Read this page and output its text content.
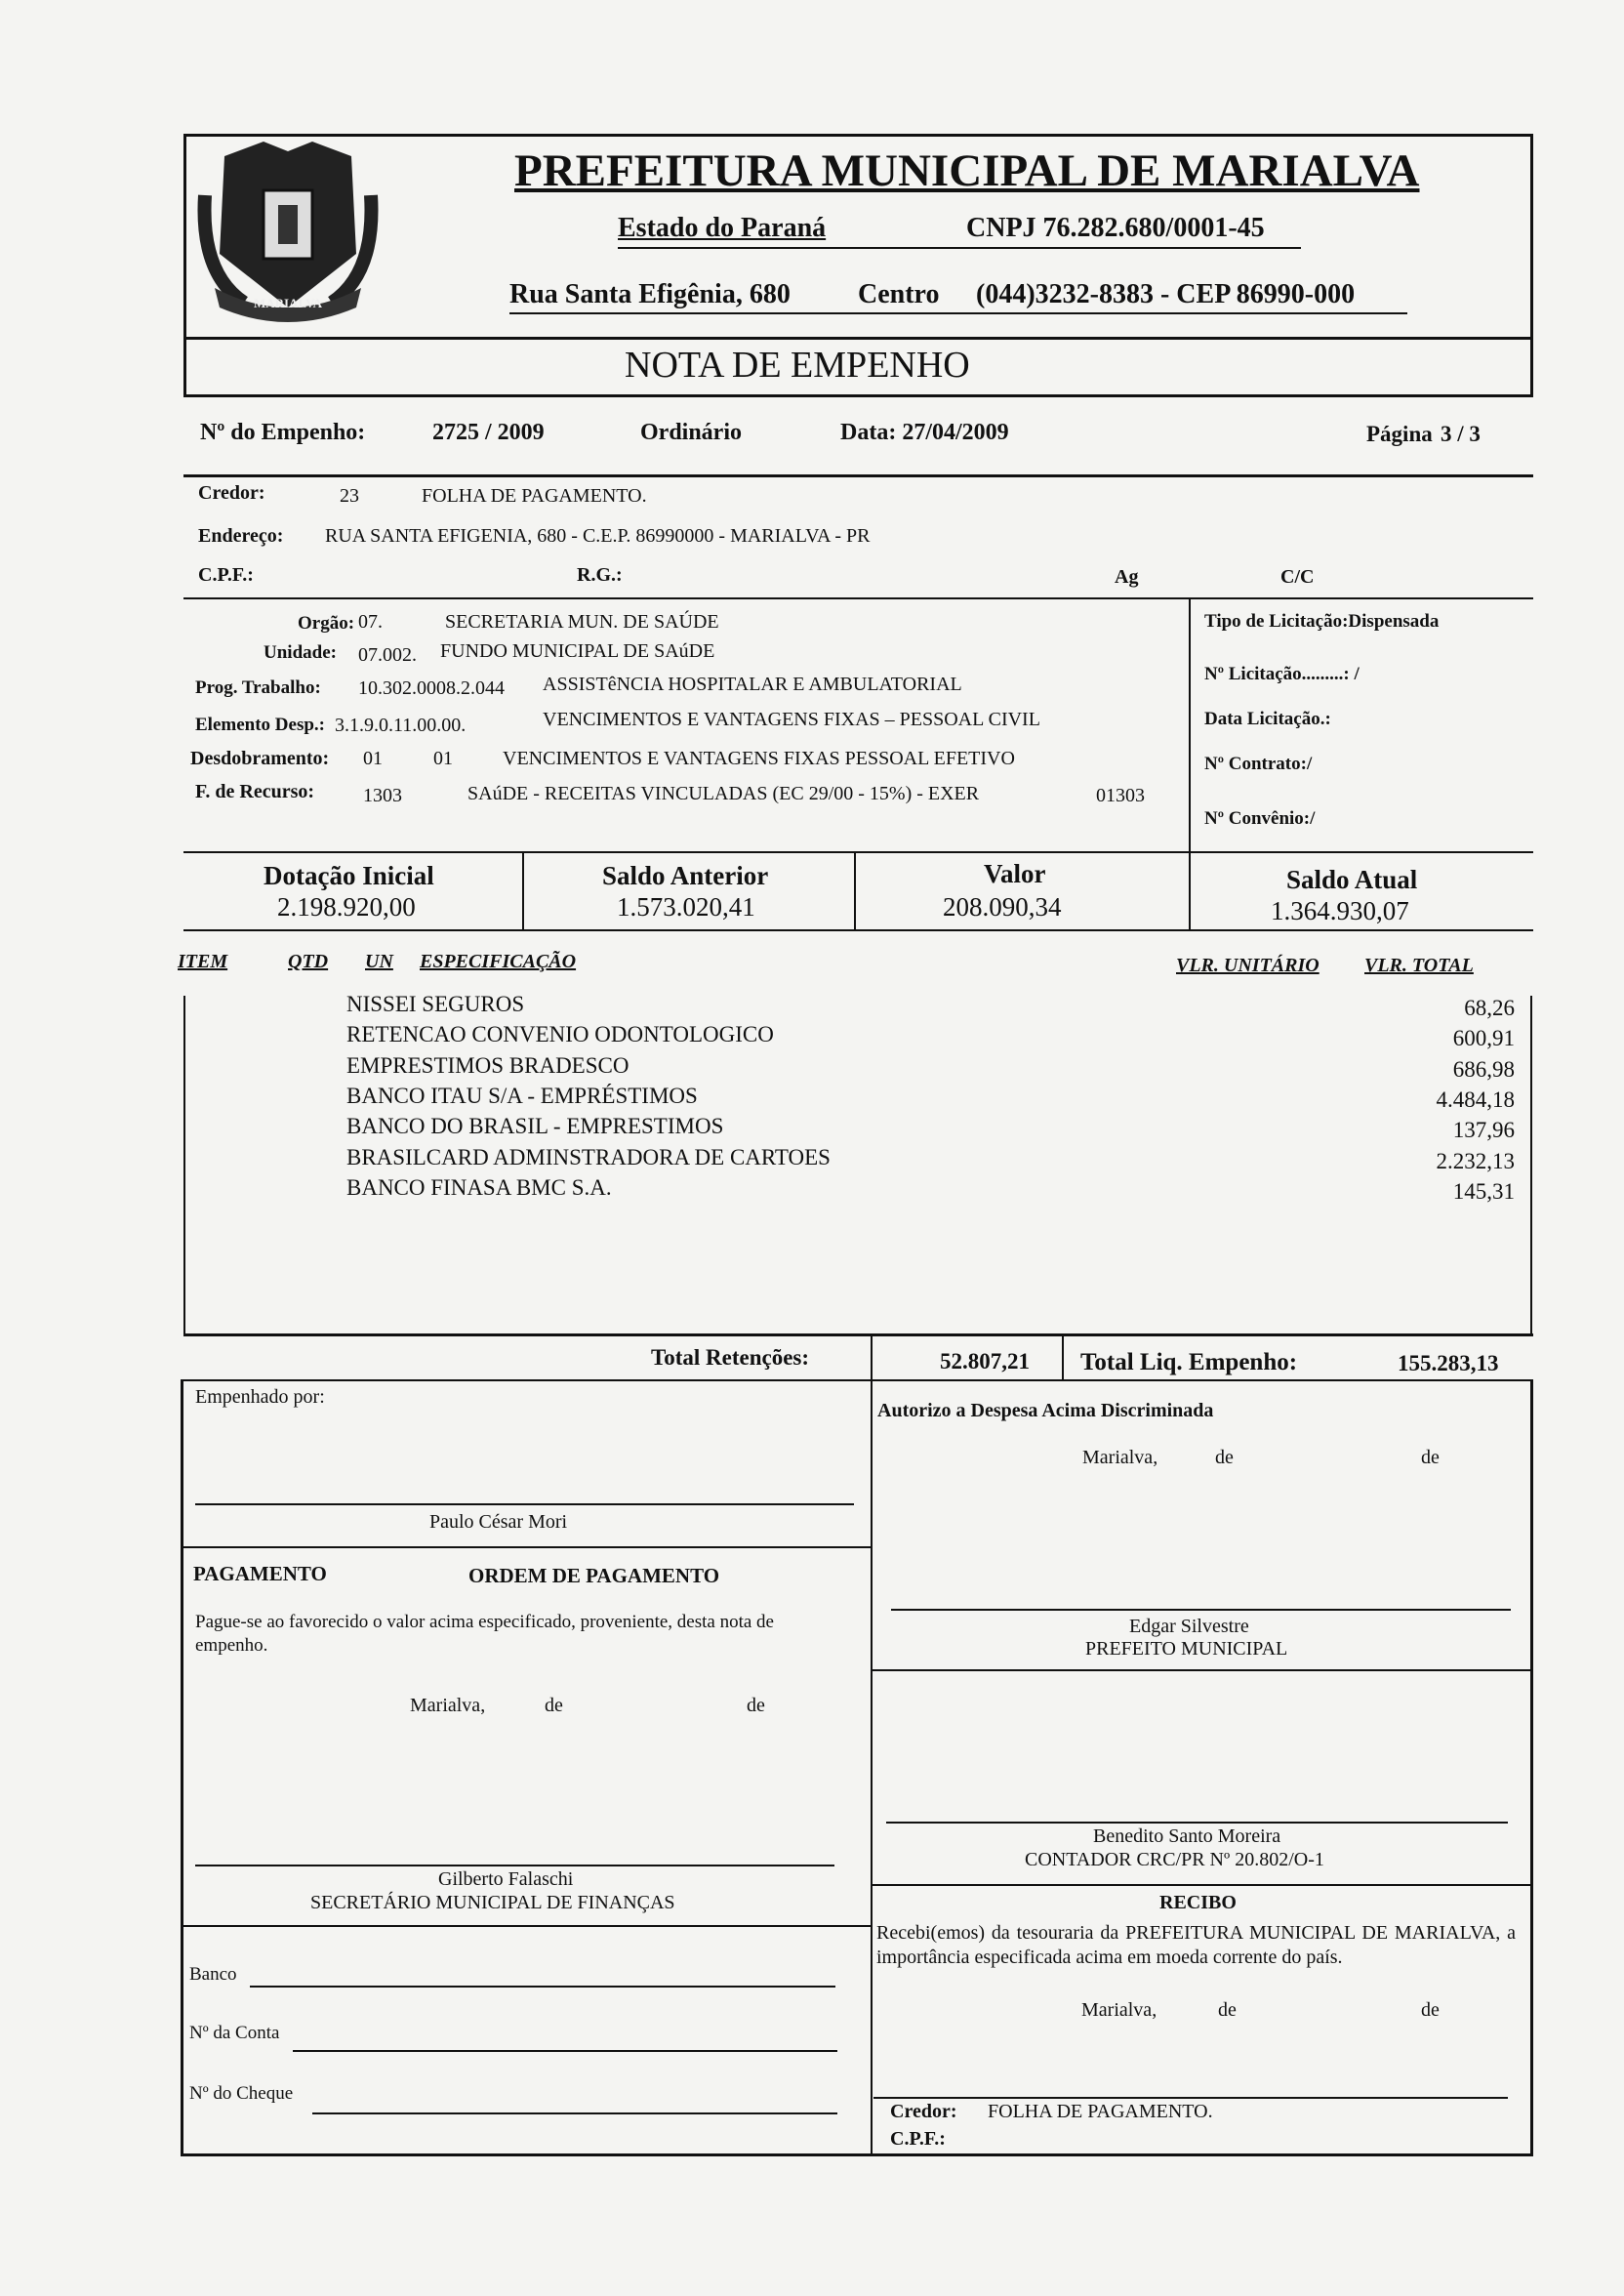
MARIALVA
PREFEITURA MUNICIPAL DE MARIALVA
Estado do Paraná	CNPJ 76.282.680/0001-45
Rua Santa Efigênia, 680 Centro (044)3232-8383 - CEP 86990-000
NOTA DE EMPENHO
Nº do Empenho:	2725 / 2009	Ordinário	Data: 27/04/2009	Página 3 / 3
Credor:	23	FOLHA DE PAGAMENTO.
Endereço: RUA SANTA EFIGENIA, 680 - C.E.P. 86990000 - MARIALVA - PR
C.P.F.:	R.G.:	Ag	C/C
Orgão: 07.	SECRETARIA MUN. DE SAÚDE
Unidade: 07.002. FUNDO MUNICIPAL DE SAúDE
Prog. Trabalho: 10.302.0008.2.044 ASSISTêNCIA HOSPITALAR E AMBULATORIAL
Elemento Desp.: 3.1.9.0.11.00.00.	VENCIMENTOS E VANTAGENS FIXAS – PESSOAL CIVIL
Desdobramento: 01	01	VENCIMENTOS E VANTAGENS FIXAS PESSOAL EFETIVO
F. de Recurso: 1303	SAúDE - RECEITAS VINCULADAS (EC 29/00 - 15%) - EXER	01303
Tipo de Licitação:Dispensada
Nº Licitação.........: /
Data Licitação.:
Nº Contrato:/
Nº Convênio:/
Dotação Inicial
2.198.920,00
Saldo Anterior
1.573.020,41
Valor
208.090,34
Saldo Atual
1.364.930,07
ITEM	QTD UN ESPECIFICAÇÃO	VLR. UNITÁRIO VLR. TOTAL
NISSEI SEGUROS	68,26
RETENCAO CONVENIO ODONTOLOGICO	600,91
EMPRESTIMOS BRADESCO	686,98
BANCO ITAU S/A - EMPRÉSTIMOS	4.484,18
BANCO DO BRASIL - EMPRESTIMOS	137,96
BRASILCARD ADMINSTRADORA DE CARTOES	2.232,13
BANCO FINASA BMC S.A.	145,31
Total Retenções:	52.807,21 Total Liq. Empenho:	155.283,13
Empenhado por:
Paulo César Mori
Autorizo a Despesa Acima Discriminada
Marialva,	de	de
PAGAMENTO	ORDEM DE PAGAMENTO
Pague-se ao favorecido o valor acima especificado, proveniente, desta nota de empenho.
Marialva,	de	de
Edgar Silvestre
PREFEITO MUNICIPAL
Benedito Santo Moreira
CONTADOR CRC/PR Nº 20.802/O-1
Gilberto Falaschi
SECRETÁRIO MUNICIPAL DE FINANÇAS	RECIBO
Recebi(emos) da tesouraria da PREFEITURA MUNICIPAL DE MARIALVA, a importância especificada acima em moeda corrente do país.
Marialva,	de	de
Credor: FOLHA DE PAGAMENTO.
C.P.F.:
Banco
Nº da Conta
Nº do Cheque
